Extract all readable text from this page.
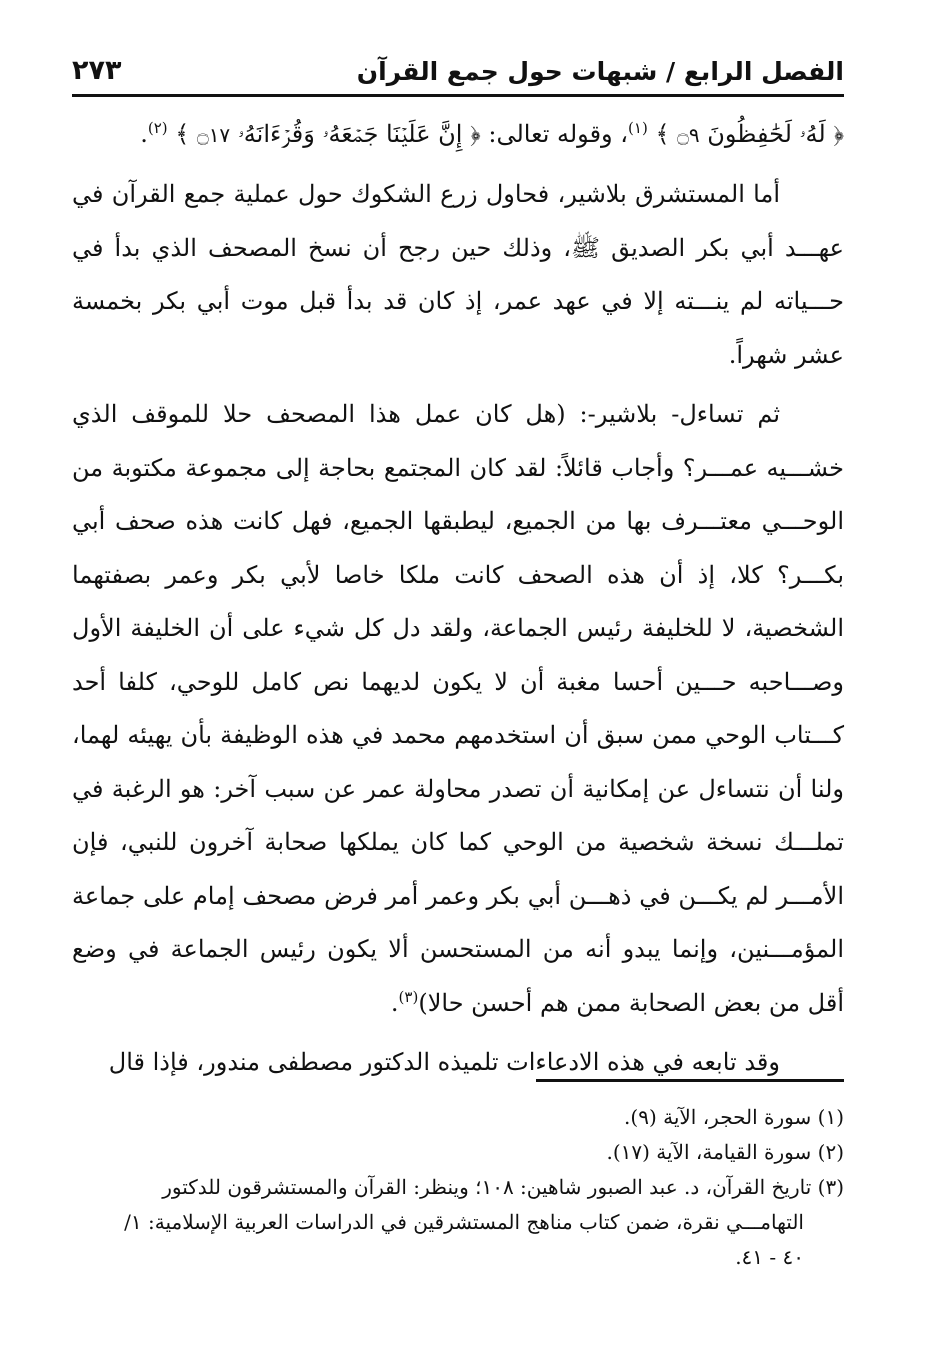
الفصل الرابع / شبهات حول جمع القرآن
٢٧٣

﴿ لَهُۥ لَحَٰفِظُونَ ۝٩ ﴾ $^{(١)}$، وقوله تعالى: ﴿ إِنَّ عَلَيۡنَا جَمۡعَهُۥ وَقُرۡءَانَهُۥ ۝١٧ ﴾ $^{(٢)}$.

أما المستشرق بلاشير، فحاول زرع الشكوك حول عملية جمع القرآن في عهـــد أبي بكر الصديق ﷺ، وذلك حين رجح أن نسخ المصحف الذي بدأ في حـــياته لم ينـــته إلا في عهد عمر، إذ كان قد بدأ قبل موت أبي بكر بخمسة عشر شهراً.

ثم تساءل- بلاشير-: (هل كان عمل هذا المصحف حلا للموقف الذي خشـــيه عمـــر؟ وأجاب قائلاً: لقد كان المجتمع بحاجة إلى مجموعة مكتوبة من الوحـــي معتـــرف بها من الجميع، ليطبقها الجميع، فهل كانت هذه صحف أبي بكـــر؟ كلا، إذ أن هذه الصحف كانت ملكا خاصا لأبي بكر وعمر بصفتهما الشخصية، لا للخليفة رئيس الجماعة، ولقد دل كل شيء على أن الخليفة الأول وصـــاحبه حـــين أحسا مغبة أن لا يكون لديهما نص كامل للوحي، كلفا أحد كـــتاب الوحي ممن سبق أن استخدمهم محمد في هذه الوظيفة بأن يهيئه لهما، ولنا أن نتساءل عن إمكانية أن تصدر محاولة عمر عن سبب آخر: هو الرغبة في تملـــك نسخة شخصية من الوحي كما كان يملكها صحابة آخرون للنبي، فإن الأمـــر لم يكـــن في ذهـــن أبي بكر وعمر أمر فرض مصحف إمام على جماعة المؤمـــنين، وإنما يبدو أنه من المستحسن ألا يكون رئيس الجماعة في وضع أقل من بعض الصحابة ممن هم أحسن حالا)$^{(٣)}$.

وقد تابعه في هذه الادعاءات تلميذه الدكتور مصطفى مندور، فإذا قال

(١) سورة الحجر، الآية (٩).

(٢) سورة القيامة، الآية (١٧).

(٣) تاريخ القرآن، د. عبد الصبور شاهين: ١٠٨؛ وينظر: القرآن والمستشرقون للدكتور

التهامـــي نقرة، ضمن كتاب مناهج المستشرقين في الدراسات العربية الإسلامية: ١/

٤٠ - ٤١.
